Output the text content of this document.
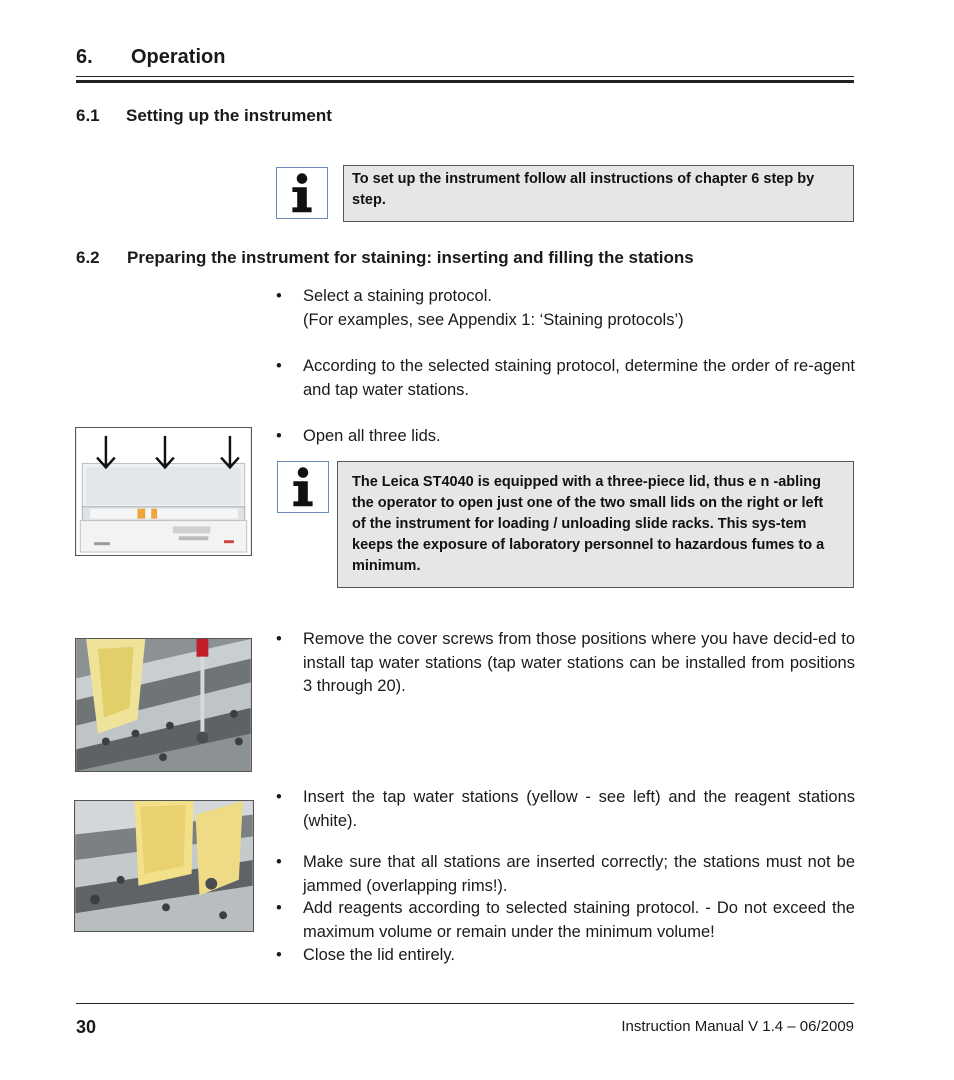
6. Operation
6.1 Setting up the instrument
To set up the instrument follow all instructions of chapter 6 step by step.
6.2 Preparing the instrument for staining: inserting and filling the stations
•	Select a staining protocol.
(For examples, see Appendix 1: ‘Staining protocols’)
•	According to the selected staining protocol, determine the order of re-agent and tap water stations.
•	Open all three lids.
The Leica ST4040 is equipped with a three-piece lid, thus e n -abling the operator to open just one of the two small lids on the right or left of the instrument for loading / unloading slide racks. This sys-tem keeps the exposure of laboratory personnel to hazardous fumes to a minimum.
•	Remove the cover screws from those positions where you have decid-ed to install tap water stations (tap water stations can be installed from positions 3 through 20).
•	Insert the tap water stations (yellow - see left) and the reagent stations (white).
•	Make sure that all stations are inserted correctly; the stations must not be jammed (overlapping rims!).
•	Add reagents according to selected staining protocol. - Do not exceed the maximum volume or remain under the minimum volume!
•	Close the lid entirely.
30	Instruction Manual V 1.4 – 06/2009
